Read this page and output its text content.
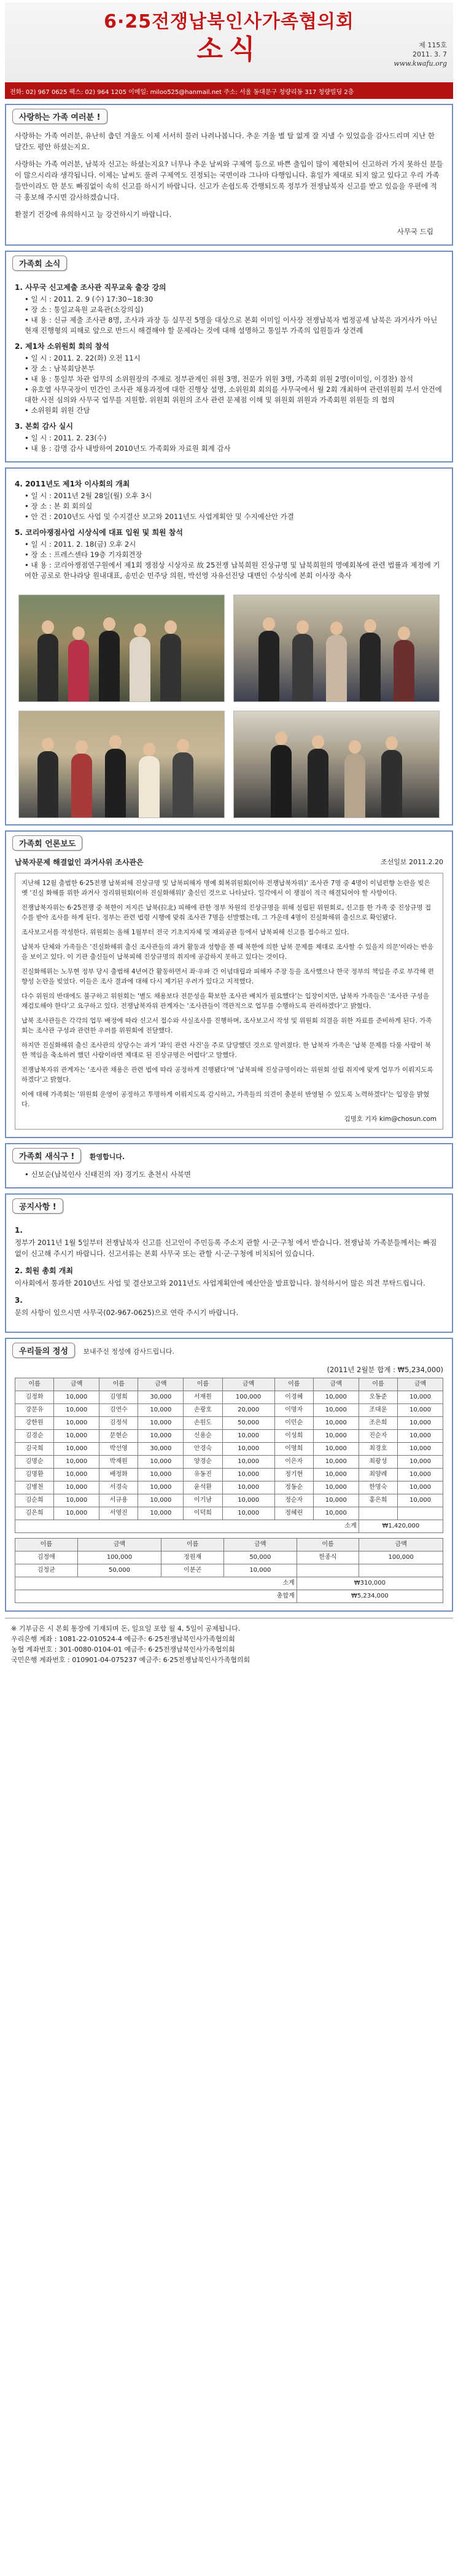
6·25전쟁납북인사가족협의회
소식	제 115호
2011. 3. 7
www.kwafu.org
전화: 02) 967 0625 팩스: 02) 964 1205 이메일: miloo525@hanmail.net 주소: 서울 동대문구 청량리동 317 청량빌딩 2층
사랑하는 가족 여러분 !

사랑하는 가족 여러분, 유난히 춥던 겨울도 이제 서서히 물러 나려나봅니다. 추운 겨울 별 탈 없게 잘 지낼 수 있었음을 감사드리며 지난 한 달간도 평안 하셨는지요.

사랑하는 가족 여러분, 남북자 신고는 하셨는지요? 너무나 추운 날씨와 구제역 등으로 바쁜 출입이 많이 제한되어 신고하러 가지 못하신 분들이 많으시리라 생각됩니다. 이제는 날씨도 풀려 구제역도 진정되는 국면이라 그나마 다행입니다. 휴일가 제대로 되지 않고 있다고 우리 가족들만이라도 한 분도 빠짐없이 속히 신고를 하시기 바랍니다. 신고가 손쉽도록 간행되도록 정부가 전쟁납북자 신고를 받고 있음을 우편에 적극 홍보해 주시면 감사하겠습니다.

환절기 건강에 유의하시고 늘 강건하시기 바랍니다.

사무국 드림
가족회 소식
1. 사무국 신고제출 조사관 직무교육 출강 강의
• 일 시 : 2011. 2. 9 (수) 17:30~18:30
• 장 소 : 통일교육원 교육관(소강의실)
• 내 용 : 신규 제출 조사관 8명, 조사과 과장 등 실무진 5명을 대상으로 본회 이미일 이사장 전쟁납북자 법정공세 남북은 과거사가 아닌 현재 진행형의 피해로 앞으로 반드시 해결해야 할 문제라는 것에 대해 설명하고 통일부 가족의 입원들과 상견례
2. 제1차 소위원회 회의 참석
• 일 시 : 2011. 2. 22(화) 오전 11시
• 장 소 : 남북회담본부
• 내 용 : 통일부 차관 업무의 소위원장의 주재로 정부관계인 위원 3명, 전문가 위원 3명, 가족회 위원 2명(이미일, 이경찬) 참석
• 유호열 사무국장이 민간인 조사관 채용과정에 대한 진행상 설명, 소위원회 회의를 사무국에서 월 2회 개최하여 관련위원회 부서 안건에 대한 사전 심의와 사무국 업무를 지원함. 위원회 위원의 조사 관련 문제점 이해 및 위원회 위원과 가족회원 위원들 의 협의
• 소위원회 위원 간담
3. 본회 감사 실시
• 일 시 : 2011. 2. 23(수)
• 내 용 : 감명 감사 내방하여 2010년도 가족회와 자료원 회계 감사
4. 2011년도 제1차 이사회의 개최
• 일 시 : 2011년 2월 28일(월) 오후 3시
• 장 소 : 본 회 회의실
• 안 건 : 2010년도 사업 및 수지결산 보고와 2011년도 사업계획안 및 수지예산안 가결
5. 코리아쟁점사업 시상식에 대표 입원 및 희원 참석
• 일 시 : 2011. 2. 18(금) 오후 2시
• 장 소 : 프레스센타 19층 기자회견장
• 내 용 : 코리아쟁점연구원에서 제1회 쟁점상 시상자로 故 25전쟁 납북희원 진상규명 및 납북희원의 명예회복에 관련 법률과 제정에 기여한 공로로 한나라당 원내대표, 송민순 민주당 의원, 박선영 자유선진당 대변인 수상식에 본회 이사장 축사
가족회 언론보도
납북자문제 해결없인 과거사위 조사관은	조선일보 2011.2.20

지난해 12월 출범한 6·25전쟁 납북피해 진상규명 및 납북피해자 명예 회복위원회(이하 전쟁납북자위)' 조사관 7명 중 4명이 이념편향 논란을 빚은 옛 '진실 화해를 위한 과거사 정리위원회(이하 진실화해위)' 출신인 것으로 나타났다. 일각에서 이 쟁점이 적극 해결되어야 할 사항이다.

전쟁납북자위는 6·25전쟁 중 북한이 저지른 납북(拉北) 피해에 관한 정부 차원의 진상규명을 위해 설립된 위원회로, 신고를 한 가족 중 진상규명 접수를 받아 조사를 하게 된다. 정부는 관련 법령 시행에 맞춰 조사관 7명을 선발했는데, 그 가운데 4명이 진실화해위 출신으로 확인됐다.

조사보고서를 작성한다. 위원회는 올해 1월부터 전국 기초지자체 및 재외공관 등에서 납북피해 신고를 접수하고 있다.

납북자 단체와 가족들은 '진실화해위 출신 조사관들의 과거 활동과 성향을 볼 때 북한에 의한 납북 문제를 제대로 조사할 수 있을지 의문'이라는 반응을 보이고 있다. 이 기관 출신들이 납북피해 진상규명의 취지에 공감하지 못하고 있다는 것이다.

진실화해위는 노무현 정부 당시 출범해 4년여간 활동하면서 좌·우파 간 이념대립과 피해자 주장 등을 조사했으나 한국 정부의 책임을 주로 부각해 편향성 논란을 빚었다. 이들은 조사 결과에 대해 다시 제기된 우려가 있다고 지적했다.

다수 위원의 반대에도 불구하고 위원회는 '별도 채용보다 전문성을 확보한 조사관 배치가 필요했다'는 입장이지만, 납북자 가족들은 '조사관 구성을 재검토해야 한다'고 요구하고 있다. 전쟁납북자위 관계자는 '조사관들이 객관적으로 업무를 수행하도록 관리하겠다'고 밝혔다.

납북 조사관들은 각각의 업무 배정에 따라 신고서 접수와 사실조사를 진행하며, 조사보고서 작성 및 위원회 의결을 위한 자료를 준비하게 된다. 가족회는 조사관 구성과 관련한 우려를 위원회에 전달했다.

하지만 진실화해위 출신 조사관의 상당수는 과거 '좌익 관련 사건'을 주로 담당했던 것으로 알려졌다. 한 납북자 가족은 '납북 문제를 다룰 사람이 북한 책임을 축소하려 했던 사람이라면 제대로 된 진상규명은 어렵다'고 말했다.

전쟁납북자위 관계자는 '조사관 채용은 관련 법에 따라 공정하게 진행됐다'며 '납북피해 진상규명이라는 위원회 설립 취지에 맞게 업무가 이뤄지도록 하겠다'고 밝혔다.

이에 대해 가족회는 '위원회 운영이 공정하고 투명하게 이뤄지도록 감시하고, 가족들의 의견이 충분히 반영될 수 있도록 노력하겠다'는 입장을 밝혔다.

김명호 기자 kim@chosun.com
가족회 새식구 ! 환영합니다.
• 신보순(납북인사 신태진의 자) 경기도 춘천시 사북면
공지사항 !
1.

정부가 2011년 1월 5일부터 전쟁납북자 신고를 신고인이 주민등록 주소지 관할 시·군·구청 에서 받습니다. 전쟁납북 가족분들께서는 빠짐없이 신고해 주시기 바랍니다. 신고서류는 본회 사무국 또는 관할 시·군·구청에 비치되어 있습니다.

2. 회원 총회 개최

이사회에서 통과한 2010년도 사업 및 결산보고와 2011년도 사업계획안에 예산안을 발표합니다. 참석하시어 많은 의견 부탁드립니다.

3.

문의 사항이 있으시면 사무국(02-967-0625)으로 연락 주시기 바랍니다.

우리들의 정성 보내주신 정성에 감사드립니다.
(2011년 2월분 합계 : ₩5,234,000)
이름	금액	이름	금액	이름	금액	이름	금액	이름	금액
김정화	10,000	김영희	30,000	서재원	100,000	이경혜	10,000	오동준	10,000
강문유	10,000	김연수	10,000	손광호	20,000	이명자	10,000	조대운	10,000
강한원	10,000	김정석	10,000	손원도	50,000	이민순	10,000	조은희	10,000
김경순	10,000	문현순	10,000	신용순	10,000	이성희	10,000	진순자	10,000
김국희	10,000	박선영	30,000	안경숙	10,000	이영희	10,000	최경호	10,000
김명순	10,000	박재원	10,000	양경순	10,000	이은자	10,000	최광성	10,000
김명환	10,000	배정화	10,000	유동진	10,000	정기현	10,000	최양례	10,000
김병천	10,000	서경숙	10,000	윤석환	10,000	정동순	10,000	한명숙	10,000
김순희	10,000	서규용	10,000	이기남	10,000	정순자	10,000	홍은희	10,000
김은희	10,000	서영진	10,000	이덕희	10,000	정혜린	10,000		
소계								₩1,420,000	
이름	금액	이름	금액	이름	금액
김정애	100,000	정원재	50,000	한종식	100,000
김정균	50,000	이분곤	10,000		
소계				₩310,000	
총합계				₩5,234,000	
※ 기부금은 시 본회 통장에 기재되며 돈, 일요일 포함 월 4, 5일이 공제됩니다.
우리은행 계좌 : 1081-22-010524-4 예금주: 6·25전쟁납북인사가족협의회
농협 계좌번호 : 301-0080-0104-01 예금주: 6·25전쟁납북인사가족협의회
국민은행 계좌번호 : 010901-04-075237 예금주: 6·25전쟁납북인사가족협의회
